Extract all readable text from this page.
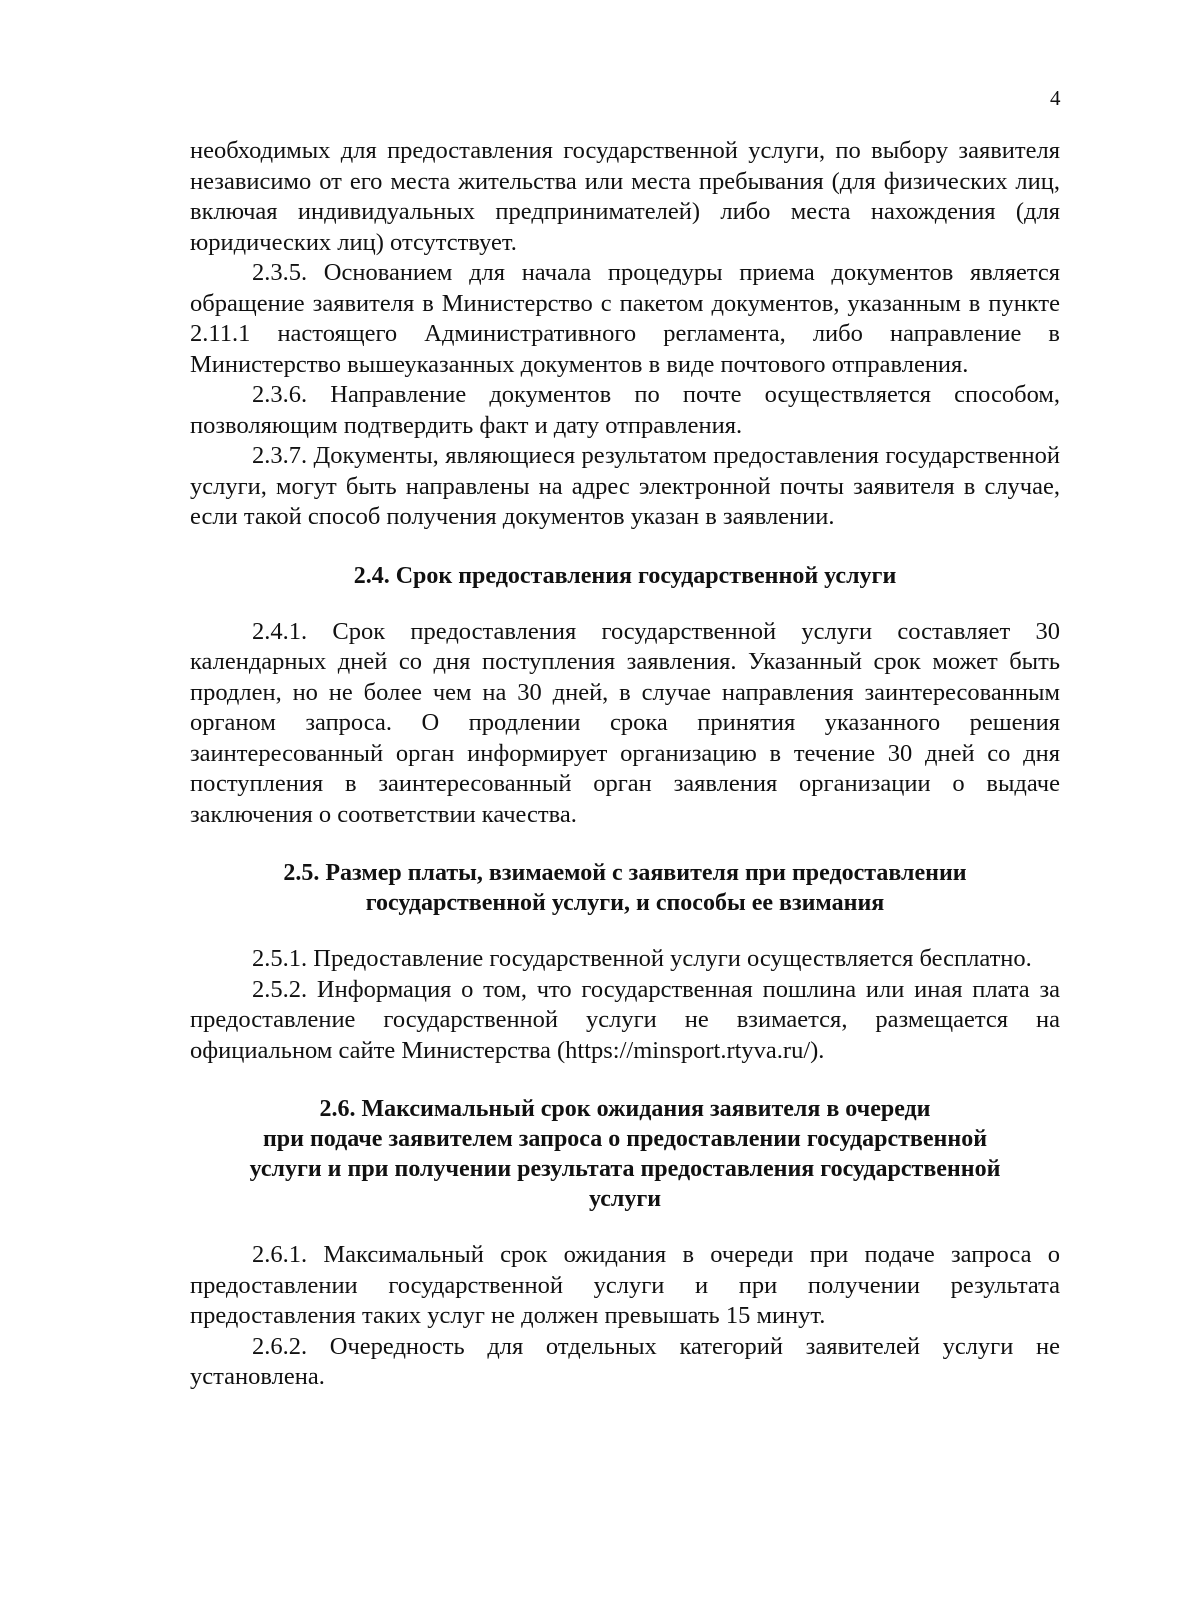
4

необходимых для предоставления государственной услуги, по выбору заявителя независимо от его места жительства или места пребывания (для физических лиц, включая индивидуальных предпринимателей) либо места нахождения (для юридических лиц) отсутствует.

2.3.5. Основанием для начала процедуры приема документов является обращение заявителя в Министерство с пакетом документов, указанным в пункте 2.11.1 настоящего Административного регламента, либо направление в Министерство вышеуказанных документов в виде почтового отправления.

2.3.6. Направление документов по почте осуществляется способом, позволяющим подтвердить факт и дату отправления.

2.3.7. Документы, являющиеся результатом предоставления государственной услуги, могут быть направлены на адрес электронной почты заявителя в случае, если такой способ получения документов указан в заявлении.

2.4. Срок предоставления государственной услуги

2.4.1. Срок предоставления государственной услуги составляет 30 календарных дней со дня поступления заявления. Указанный срок может быть продлен, но не более чем на 30 дней, в случае направления заинтересованным органом запроса. О продлении срока принятия указанного решения заинтересованный орган информирует организацию в течение 30 дней со дня поступления в заинтересованный орган заявления организации о выдаче заключения о соответствии качества.

2.5. Размер платы, взимаемой с заявителя при предоставлении
государственной услуги, и способы ее взимания

2.5.1. Предоставление государственной услуги осуществляется бесплатно.

2.5.2. Информация о том, что государственная пошлина или иная плата за предоставление государственной услуги не взимается, размещается на официальном сайте Министерства (https://minsport.rtyva.ru/).

2.6. Максимальный срок ожидания заявителя в очереди
при подаче заявителем запроса о предоставлении государственной
услуги и при получении результата предоставления государственной
услуги

2.6.1. Максимальный срок ожидания в очереди при подаче запроса о предоставлении государственной услуги и при получении результата предоставления таких услуг не должен превышать 15 минут.

2.6.2. Очередность для отдельных категорий заявителей услуги не установлена.
